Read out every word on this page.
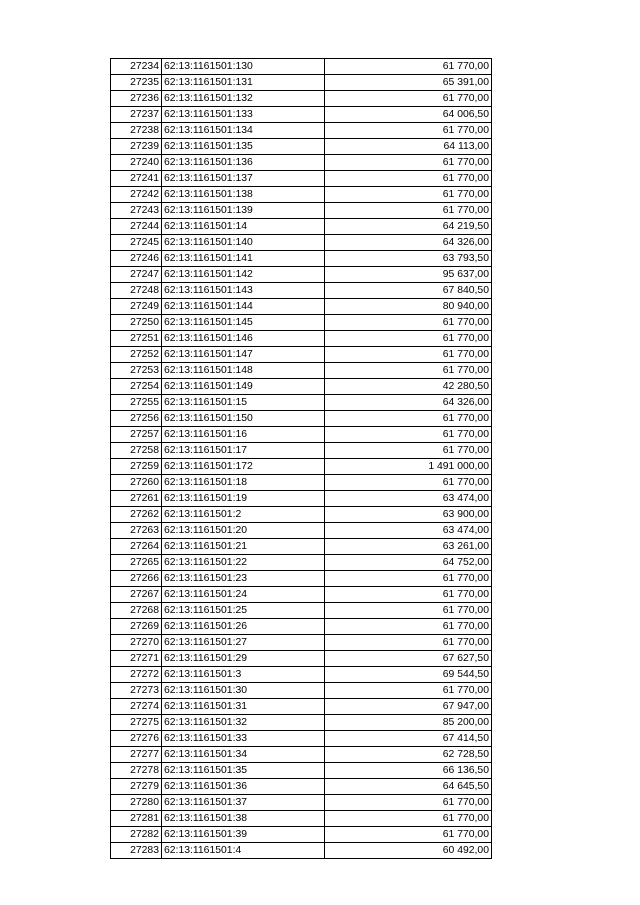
27234	62:13:1161501:130	61 770,00
27235	62:13:1161501:131	65 391,00
27236	62:13:1161501:132	61 770,00
27237	62:13:1161501:133	64 006,50
27238	62:13:1161501:134	61 770,00
27239	62:13:1161501:135	64 113,00
27240	62:13:1161501:136	61 770,00
27241	62:13:1161501:137	61 770,00
27242	62:13:1161501:138	61 770,00
27243	62:13:1161501:139	61 770,00
27244	62:13:1161501:14	64 219,50
27245	62:13:1161501:140	64 326,00
27246	62:13:1161501:141	63 793,50
27247	62:13:1161501:142	95 637,00
27248	62:13:1161501:143	67 840,50
27249	62:13:1161501:144	80 940,00
27250	62:13:1161501:145	61 770,00
27251	62:13:1161501:146	61 770,00
27252	62:13:1161501:147	61 770,00
27253	62:13:1161501:148	61 770,00
27254	62:13:1161501:149	42 280,50
27255	62:13:1161501:15	64 326,00
27256	62:13:1161501:150	61 770,00
27257	62:13:1161501:16	61 770,00
27258	62:13:1161501:17	61 770,00
27259	62:13:1161501:172	1 491 000,00
27260	62:13:1161501:18	61 770,00
27261	62:13:1161501:19	63 474,00
27262	62:13:1161501:2	63 900,00
27263	62:13:1161501:20	63 474,00
27264	62:13:1161501:21	63 261,00
27265	62:13:1161501:22	64 752,00
27266	62:13:1161501:23	61 770,00
27267	62:13:1161501:24	61 770,00
27268	62:13:1161501:25	61 770,00
27269	62:13:1161501:26	61 770,00
27270	62:13:1161501:27	61 770,00
27271	62:13:1161501:29	67 627,50
27272	62:13:1161501:3	69 544,50
27273	62:13:1161501:30	61 770,00
27274	62:13:1161501:31	67 947,00
27275	62:13:1161501:32	85 200,00
27276	62:13:1161501:33	67 414,50
27277	62:13:1161501:34	62 728,50
27278	62:13:1161501:35	66 136,50
27279	62:13:1161501:36	64 645,50
27280	62:13:1161501:37	61 770,00
27281	62:13:1161501:38	61 770,00
27282	62:13:1161501:39	61 770,00
27283	62:13:1161501:4	60 492,00
